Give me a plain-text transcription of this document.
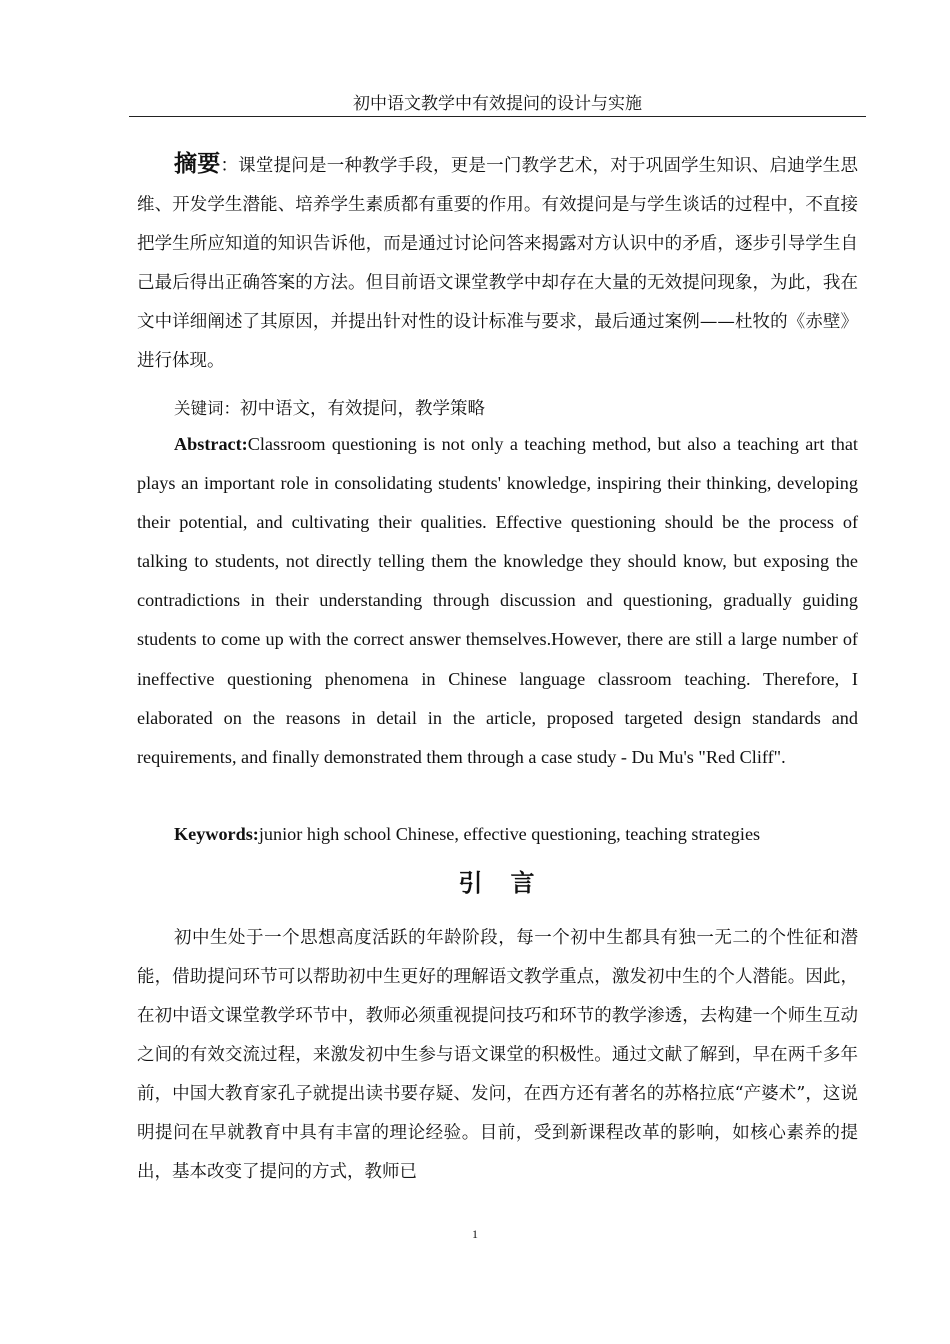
初中语文教学中有效提问的设计与实施

摘要：课堂提问是一种教学手段，更是一门教学艺术，对于巩固学生知识、启迪学生思维、开发学生潜能、培养学生素质都有重要的作用。有效提问是与学生谈话的过程中，不直接把学生所应知道的知识告诉他，而是通过讨论问答来揭露对方认识中的矛盾，逐步引导学生自己最后得出正确答案的方法。但目前语文课堂教学中却存在大量的无效提问现象，为此，我在文中详细阐述了其原因，并提出针对性的设计标准与要求，最后通过案例——杜牧的《赤壁》进行体现。

关键词：初中语文，有效提问，教学策略

Abstract:Classroom questioning is not only a teaching method, but also a teaching art that plays an important role in consolidating students' knowledge, inspiring their thinking, developing their potential, and cultivating their qualities. Effective questioning should be the process of talking to students, not directly telling them the knowledge they should know, but exposing the contradictions in their understanding through discussion and questioning, gradually guiding students to come up with the correct answer themselves.However, there are still a large number of ineffective questioning phenomena in Chinese language classroom teaching. Therefore, I elaborated on the reasons in detail in the article, proposed targeted design standards and requirements, and finally demonstrated them through a case study - Du Mu's "Red Cliff".

Keywords:junior high school Chinese, effective questioning, teaching strategies

引　言

初中生处于一个思想高度活跃的年龄阶段，每一个初中生都具有独一无二的个性征和潜能，借助提问环节可以帮助初中生更好的理解语文教学重点，激发初中生的个人潜能。因此，在初中语文课堂教学环节中，教师必须重视提问技巧和环节的教学渗透，去构建一个师生互动之间的有效交流过程，来激发初中生参与语文课堂的积极性。通过文献了解到，早在两千多年前，中国大教育家孔子就提出读书要存疑、发问，在西方还有著名的苏格拉底“产婆术”，这说明提问在早就教育中具有丰富的理论经验。目前，受到新课程改革的影响，如核心素养的提出，基本改变了提问的方式，教师已

1
